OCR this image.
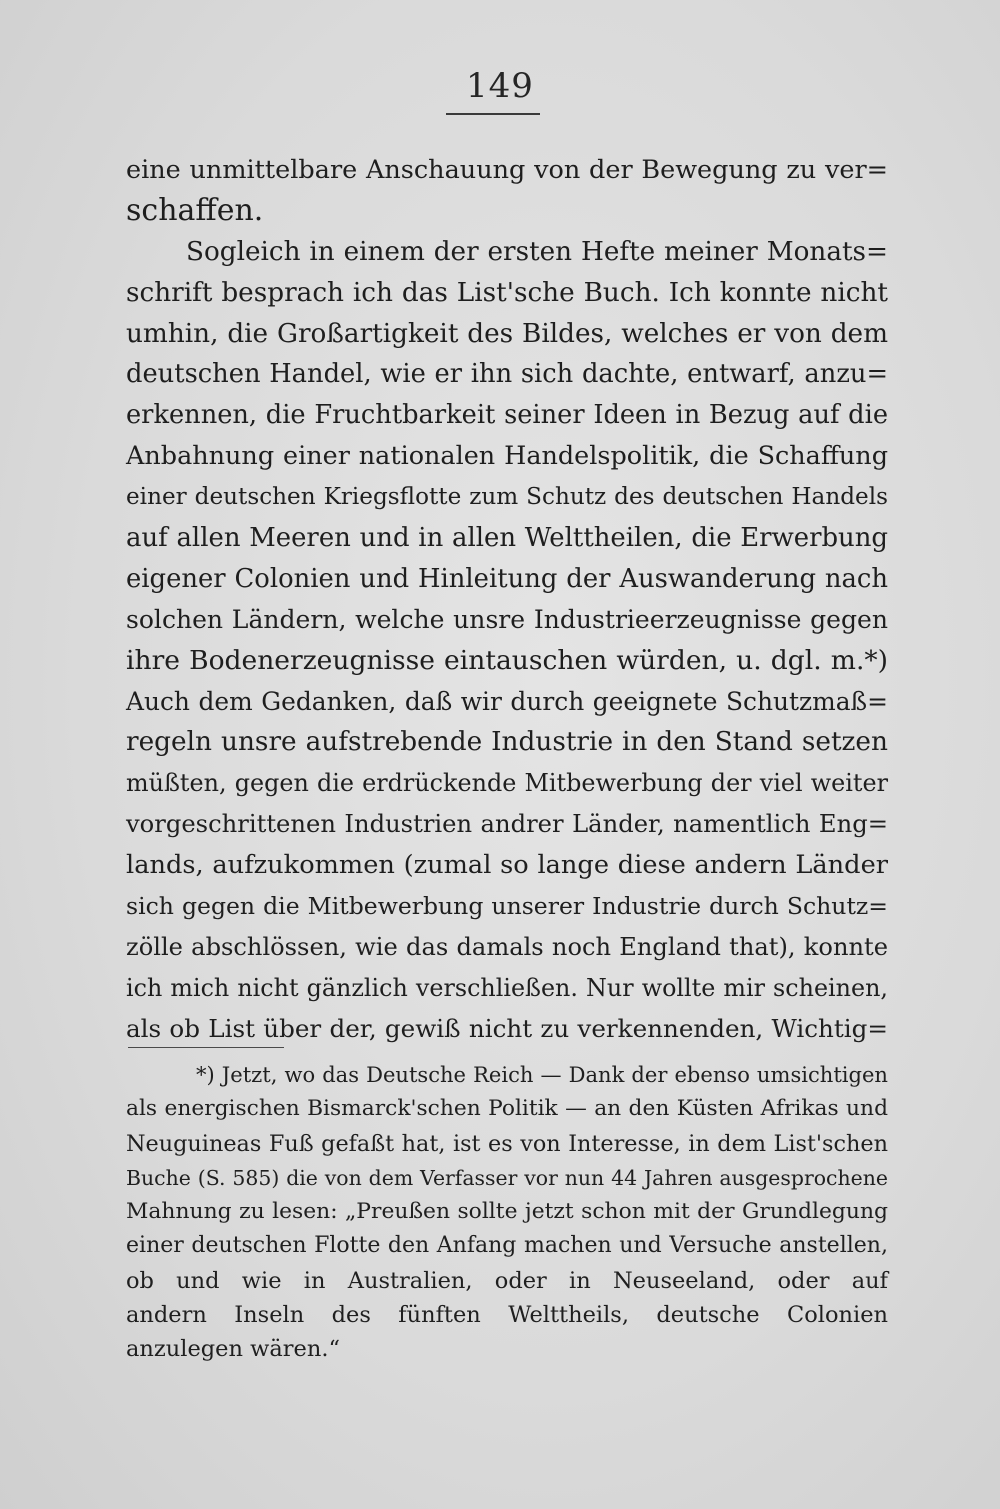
149
eine unmittelbare Anschauung von der Bewegung zu ver=
schaffen.
Sogleich in einem der ersten Hefte meiner Monats=
schrift besprach ich das List'sche Buch. Ich konnte nicht
umhin, die Großartigkeit des Bildes, welches er von dem
deutschen Handel, wie er ihn sich dachte, entwarf, anzu=
erkennen, die Fruchtbarkeit seiner Ideen in Bezug auf die
Anbahnung einer nationalen Handelspolitik, die Schaffung
einer deutschen Kriegsflotte zum Schutz des deutschen Handels
auf allen Meeren und in allen Welttheilen, die Erwerbung
eigener Colonien und Hinleitung der Auswanderung nach
solchen Ländern, welche unsre Industrieerzeugnisse gegen
ihre Bodenerzeugnisse eintauschen würden, u. dgl. m.*)
Auch dem Gedanken, daß wir durch geeignete Schutzmaß=
regeln unsre aufstrebende Industrie in den Stand setzen
müßten, gegen die erdrückende Mitbewerbung der viel weiter
vorgeschrittenen Industrien andrer Länder, namentlich Eng=
lands, aufzukommen (zumal so lange diese andern Länder
sich gegen die Mitbewerbung unserer Industrie durch Schutz=
zölle abschlössen, wie das damals noch England that), konnte
ich mich nicht gänzlich verschließen. Nur wollte mir scheinen,
als ob List über der, gewiß nicht zu verkennenden, Wichtig=
*) Jetzt, wo das Deutsche Reich — Dank der ebenso umsichtigen
als energischen Bismarck'schen Politik — an den Küsten Afrikas und
Neuguineas Fuß gefaßt hat, ist es von Interesse, in dem List'schen
Buche (S. 585) die von dem Verfasser vor nun 44 Jahren ausgesprochene
Mahnung zu lesen: „Preußen sollte jetzt schon mit der Grundlegung
einer deutschen Flotte den Anfang machen und Versuche anstellen,
ob und wie in Australien, oder in Neuseeland, oder auf
andern Inseln des fünften Welttheils, deutsche Colonien
anzulegen wären.“
